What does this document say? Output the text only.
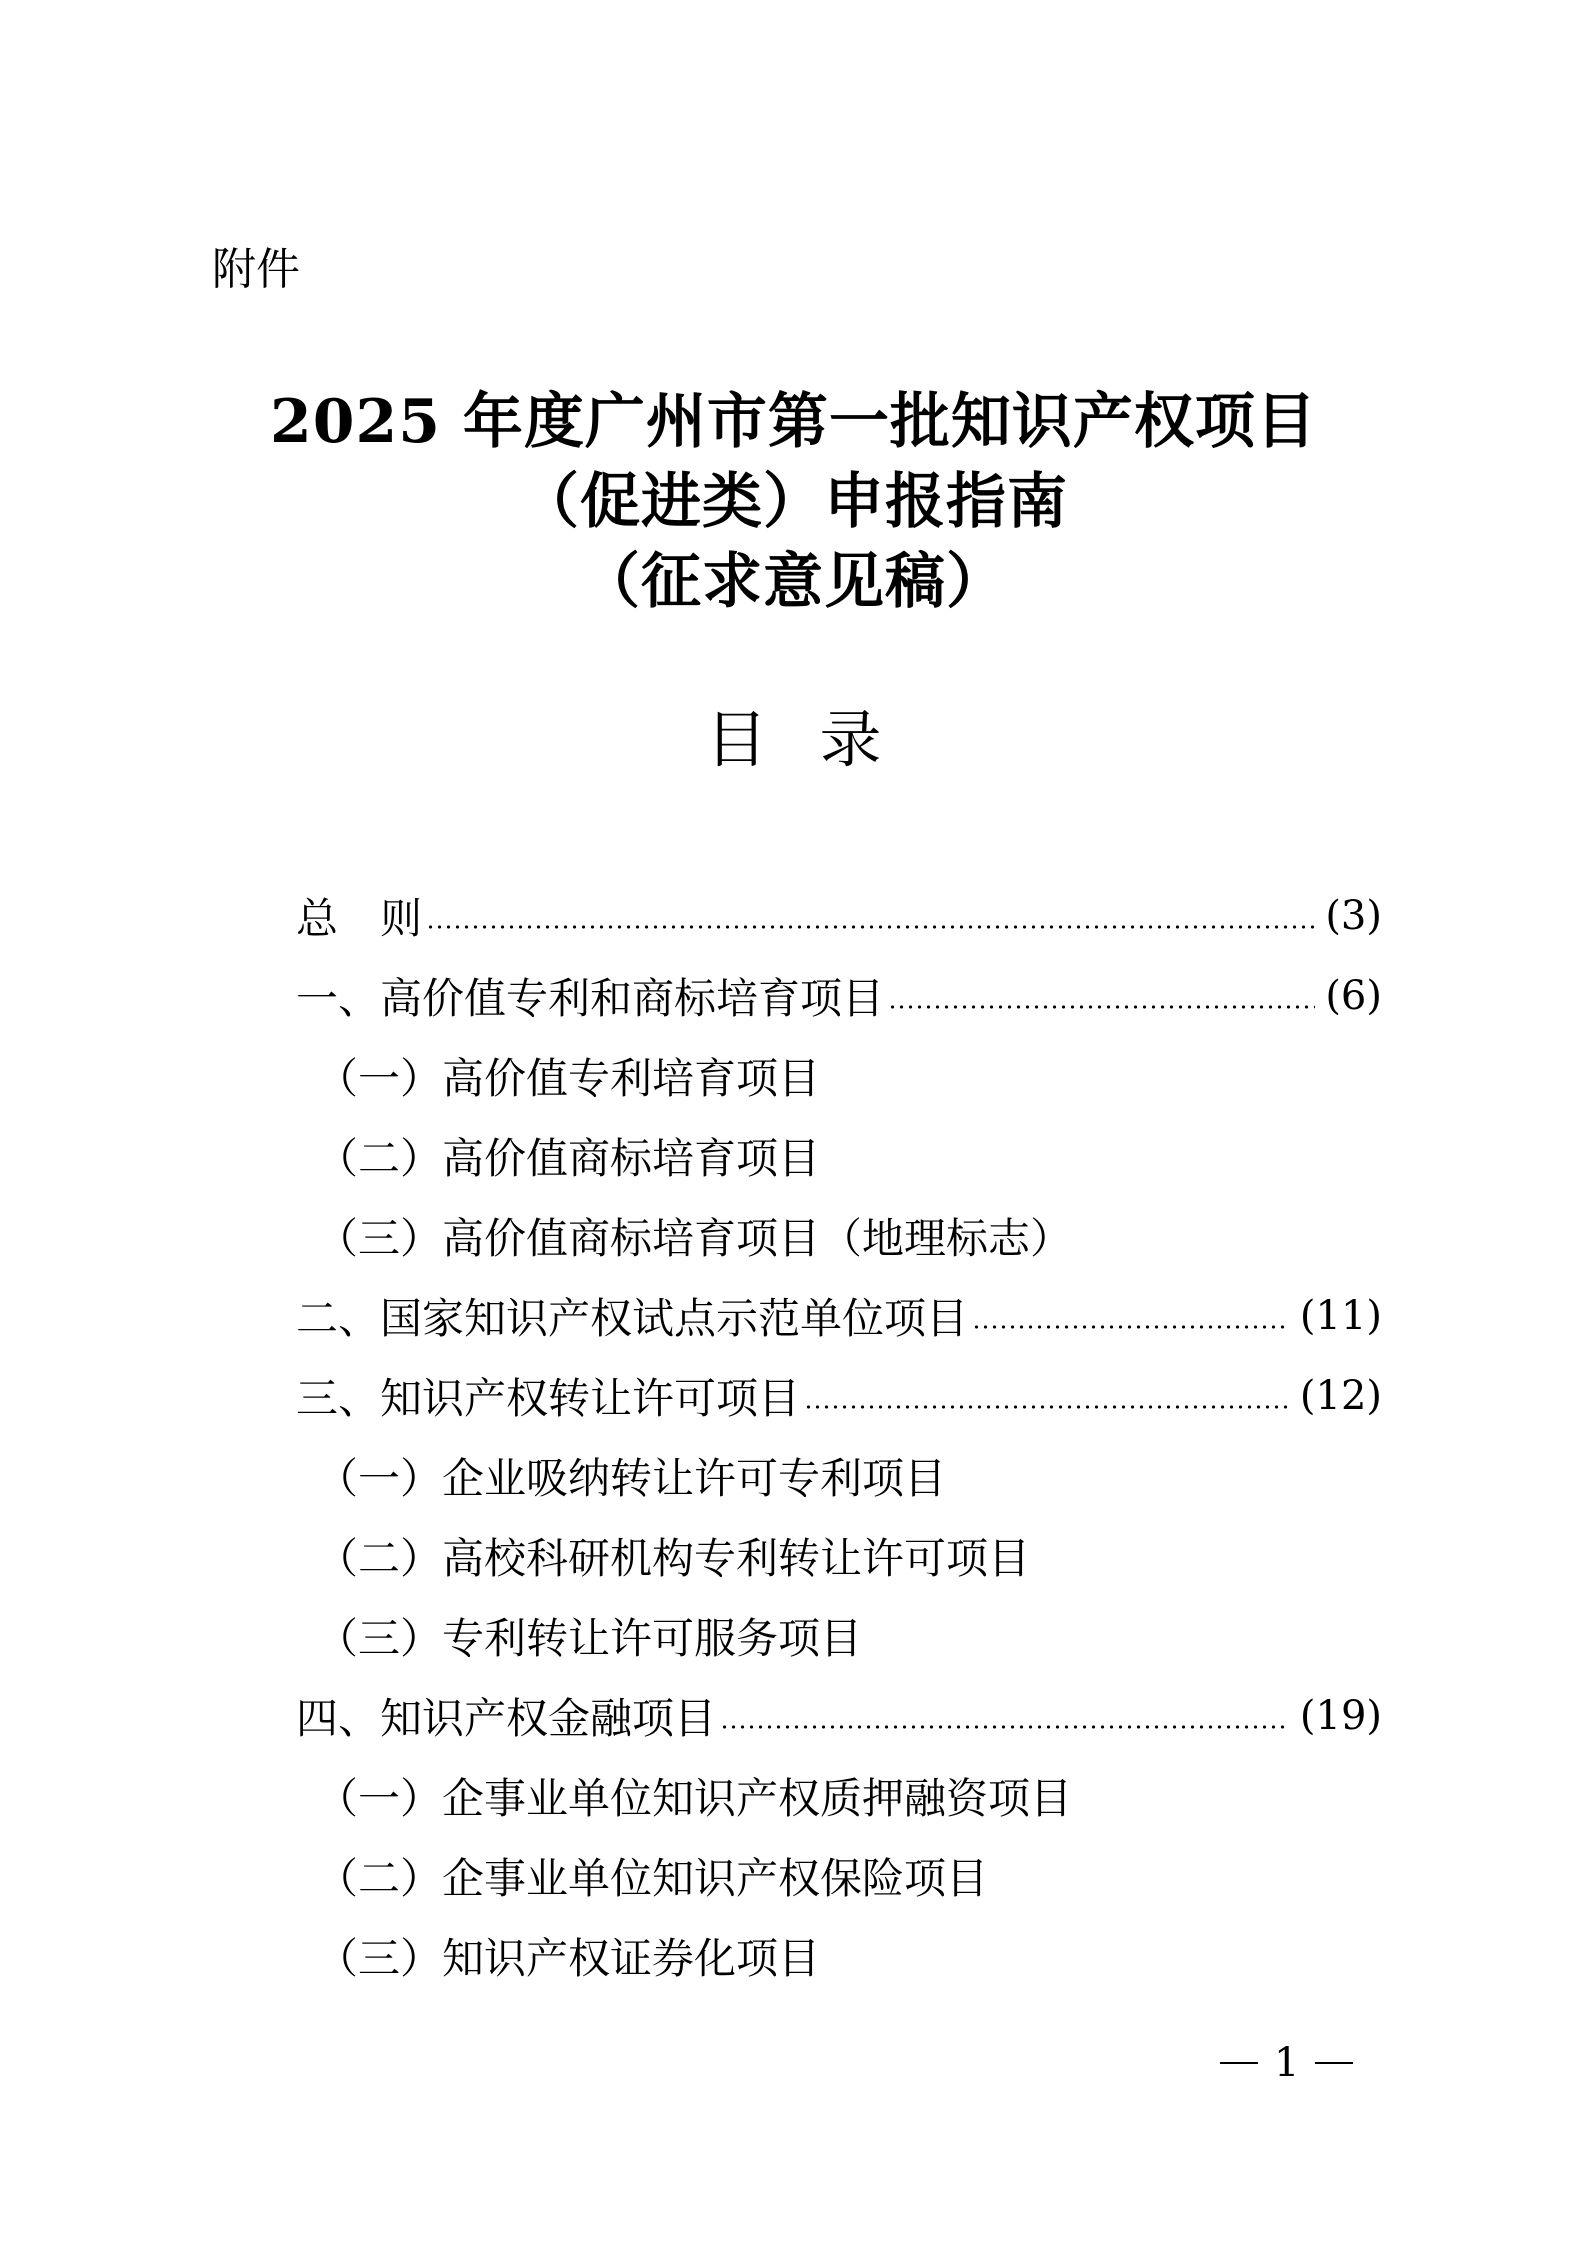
附件
2025 年度广州市第一批知识产权项目
（促进类）申报指南
（征求意见稿）
目录
总　则	(3)
一、高价值专利和商标培育项目	(6)
（一）高价值专利培育项目
（二）高价值商标培育项目
（三）高价值商标培育项目（地理标志）
二、国家知识产权试点示范单位项目	(11)
三、知识产权转让许可项目	(12)
（一）企业吸纳转让许可专利项目
（二）高校科研机构专利转让许可项目
（三）专利转让许可服务项目
四、知识产权金融项目	(19)
（一）企事业单位知识产权质押融资项目
（二）企事业单位知识产权保险项目
（三）知识产权证券化项目
1
